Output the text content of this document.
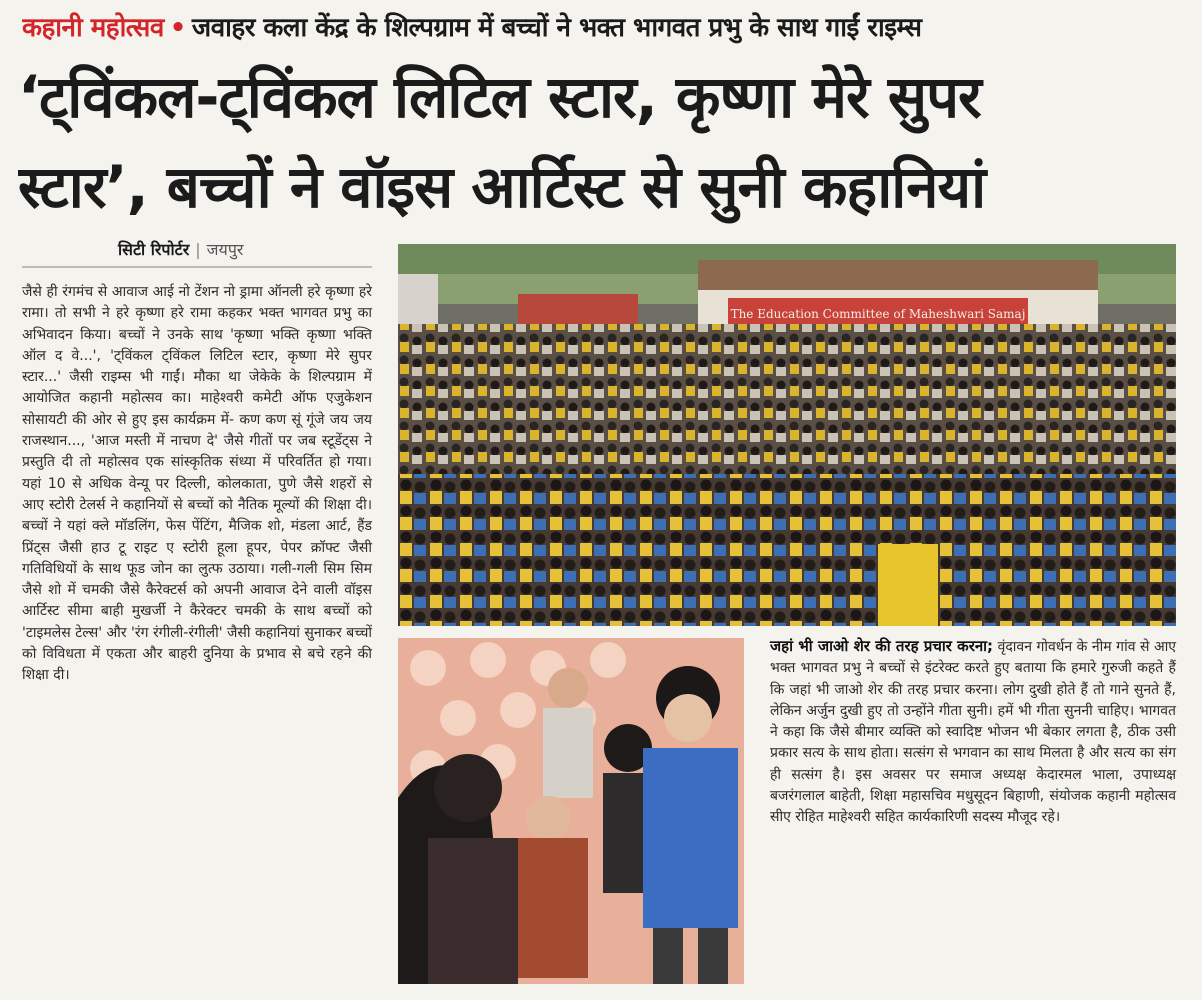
कहानी महोत्सव • जवाहर कला केंद्र के शिल्पग्राम में बच्चों ने भक्त भागवत प्रभु के साथ गाईं राइम्स
‘ट्विंकल-ट्विंकल लिटिल स्टार, कृष्णा मेरे सुपर
स्टार’, बच्चों ने वॉइस आर्टिस्ट से सुनी कहानियां
सिटी रिपोर्टर | जयपुर
जैसे ही रंगमंच से आवाज आई नो टेंशन नो ड्रामा ऑनली हरे कृष्णा हरे रामा। तो सभी ने हरे कृष्णा हरे रामा कहकर भक्त भागवत प्रभु का अभिवादन किया। बच्चों ने उनके साथ 'कृष्णा भक्ति कृष्णा भक्ति ऑल द वे...', 'ट्विंकल ट्विंकल लिटिल स्टार, कृष्णा मेरे सुपर स्टार...' जैसी राइम्स भी गाईं। मौका था जेकेके के शिल्पग्राम में आयोजित कहानी महोत्सव का। माहेश्वरी कमेटी ऑफ एजुकेशन सोसायटी की ओर से हुए इस कार्यक्रम में- कण कण सूं गूंजे जय जय राजस्थान..., 'आज मस्ती में नाचण दे' जैसे गीतों पर जब स्टूडेंट्स ने प्रस्तुति दी तो महोत्सव एक सांस्कृतिक संध्या में परिवर्तित हो गया। यहां 10 से अधिक वेन्यू पर दिल्ली, कोलकाता, पुणे जैसे शहरों से आए स्टोरी टेलर्स ने कहानियों से बच्चों को नैतिक मूल्यों की शिक्षा दी। बच्चों ने यहां क्ले मॉडलिंग, फेस पेंटिंग, मैजिक शो, मंडला आर्ट, हैंड प्रिंट्स जैसी हाउ टू राइट ए स्टोरी हूला हूपर, पेपर क्रॉफ्ट जैसी गतिविधियों के साथ फूड जोन का लुत्फ उठाया। गली-गली सिम सिम जैसे शो में चमकी जैसे कैरेक्टर्स को अपनी आवाज देने वाली वॉइस आर्टिस्ट सीमा बाही मुखर्जी ने कैरेक्टर चमकी के साथ बच्चों को 'टाइमलेस टेल्स' और 'रंग रंगीली-रंगीली' जैसी कहानियां सुनाकर बच्चों को विविधता में एकता और बाहरी दुनिया के प्रभाव से बचे रहने की शिक्षा दी।
The Education Committee of Maheshwari Samaj
जहां भी जाओ शेर की तरह प्रचार करना; वृंदावन गोवर्धन के नीम गांव से आए भक्त भागवत प्रभु ने बच्चों से इंटरेक्ट करते हुए बताया कि हमारे गुरुजी कहते हैं कि जहां भी जाओ शेर की तरह प्रचार करना। लोग दुखी होते हैं तो गाने सुनते हैं, लेकिन अर्जुन दुखी हुए तो उन्होंने गीता सुनी। हमें भी गीता सुननी चाहिए। भागवत ने कहा कि जैसे बीमार व्यक्ति को स्वादिष्ट भोजन भी बेकार लगता है, ठीक उसी प्रकार सत्य के साथ होता। सत्संग से भगवान का साथ मिलता है और सत्य का संग ही सत्संग है। इस अवसर पर समाज अध्यक्ष केदारमल भाला, उपाध्यक्ष बजरंगलाल बाहेती, शिक्षा महासचिव मधुसूदन बिहाणी, संयोजक कहानी महोत्सव सीए रोहित माहेश्वरी सहित कार्यकारिणी सदस्य मौजूद रहे।
